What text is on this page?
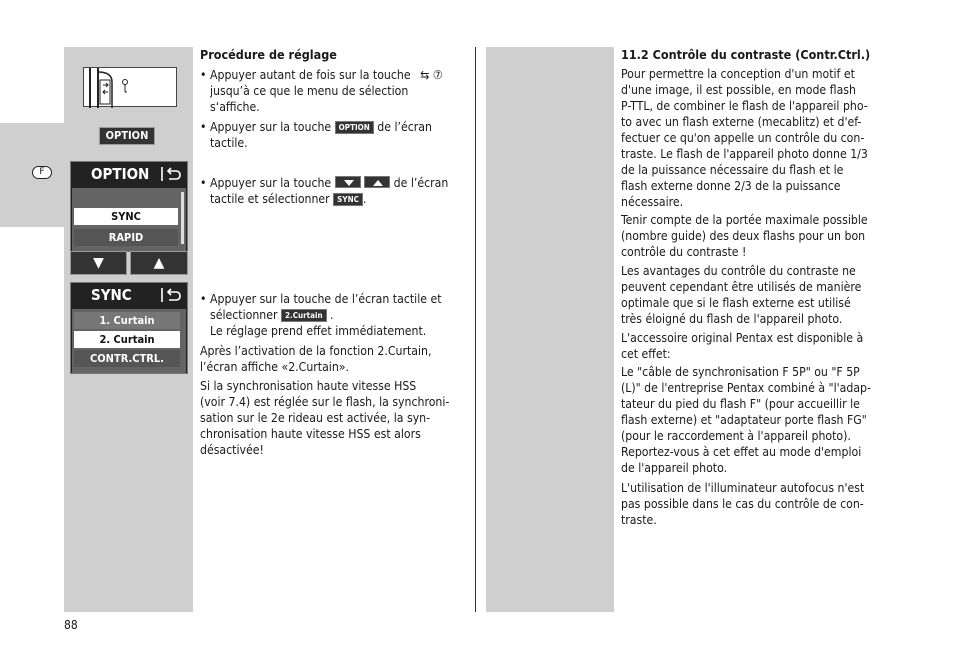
F
OPTION
OPTION
SYNC
RAPID
▼	▲
SYNC
1. Curtain
2. Curtain
CONTR.CTRL.
Procédure de réglage
• Appuyer autant de fois sur la touche ⇆ ⑦
jusqu’à ce que le menu de sélection
s‘affiche.
• Appuyer sur la touche OPTION de l’écran
tactile.
• Appuyer sur la touche
	de l’écran
tactile et sélectionner SYNC .
• Appuyer sur la touche de l’écran tactile et
sélectionner 2.Curtain .
Le réglage prend effet immédiatement.
Après l’activation de la fonction 2.Curtain,
l’écran affiche «2.Curtain».
Si la synchronisation haute vitesse HSS
(voir 7.4) est réglée sur le flash, la synchroni-
sation sur le 2e rideau est activée, la syn-
chronisation haute vitesse HSS est alors
désactivée!
11.2 Contrôle du contraste (Contr.Ctrl.)
Pour permettre la conception d'un motif et
d'une image, il est possible, en mode flash
P-TTL, de combiner le flash de l'appareil pho-
to avec un flash externe (mecablitz) et d'ef-
fectuer ce qu'on appelle un contrôle du con-
traste. Le flash de l'appareil photo donne 1/3
de la puissance nécessaire du flash et le
flash externe donne 2/3 de la puissance
nécessaire.
Tenir compte de la portée maximale possible
(nombre guide) des deux flashs pour un bon
contrôle du contraste !
Les avantages du contrôle du contraste ne
peuvent cependant être utilisés de manière
optimale que si le flash externe est utilisé
très éloigné du flash de l'appareil photo.
L'accessoire original Pentax est disponible à
cet effet:
Le "câble de synchronisation F 5P" ou "F 5P
(L)" de l'entreprise Pentax combiné à "l'adap-
tateur du pied du flash F" (pour accueillir le
flash externe) et "adaptateur porte flash FG"
(pour le raccordement à l'appareil photo).
Reportez-vous à cet effet au mode d'emploi
de l'appareil photo.
L'utilisation de l'illuminateur autofocus n'est
pas possible dans le cas du contrôle de con-
traste.
88
